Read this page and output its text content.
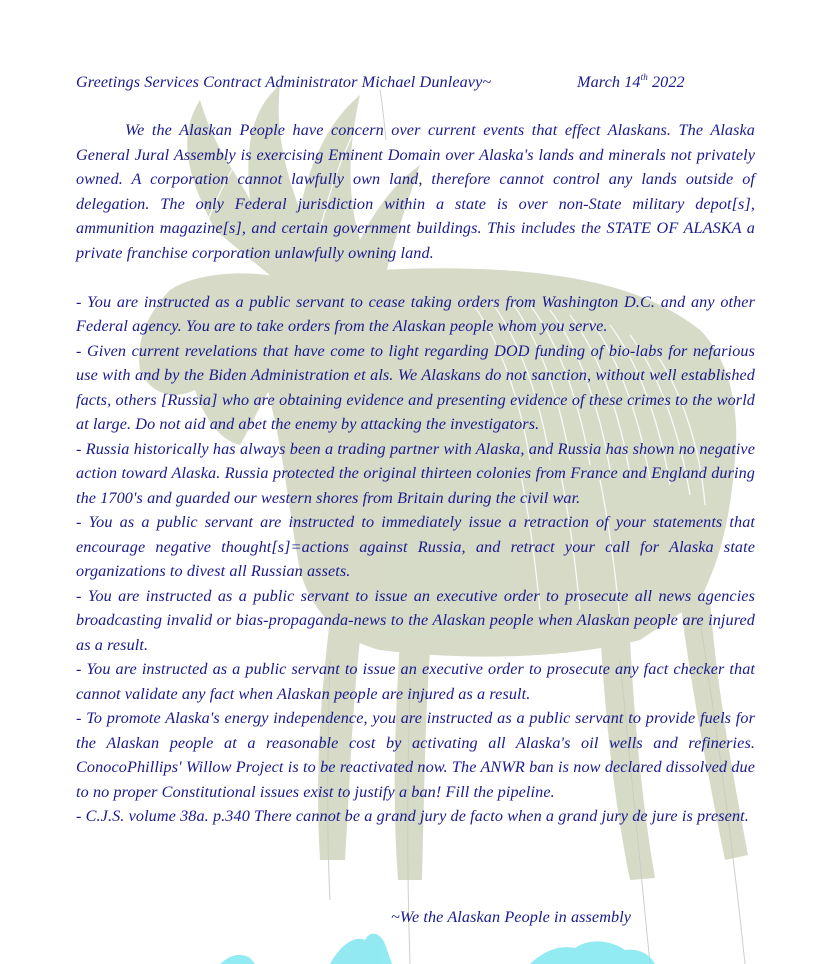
Greetings Services Contract Administrator Michael Dunleavy~	March 14th 2022

We the Alaskan People have concern over current events that effect Alaskans. The Alaska General Jural Assembly is exercising Eminent Domain over Alaska's lands and minerals not privately owned. A corporation cannot lawfully own land, therefore cannot control any lands outside of delegation. The only Federal jurisdiction within a state is over non-State military depot[s], ammunition magazine[s], and certain government buildings. This includes the STATE OF ALASKA a private franchise corporation unlawfully owning land.

- You are instructed as a public servant to cease taking orders from Washington D.C. and any other Federal agency. You are to take orders from the Alaskan people whom you serve.

- Given current revelations that have come to light regarding DOD funding of bio-labs for nefarious use with and by the Biden Administration et als. We Alaskans do not sanction, without well established facts, others [Russia] who are obtaining evidence and presenting evidence of these crimes to the world at large. Do not aid and abet the enemy by attacking the investigators.

- Russia historically has always been a trading partner with Alaska, and Russia has shown no negative action toward Alaska. Russia protected the original thirteen colonies from France and England during the 1700's and guarded our western shores from Britain during the civil war.

- You as a public servant are instructed to immediately issue a retraction of your statements that encourage negative thought[s]=actions against Russia, and retract your call for Alaska state organizations to divest all Russian assets.

- You are instructed as a public servant to issue an executive order to prosecute all news agencies broadcasting invalid or bias-propaganda-news to the Alaskan people when Alaskan people are injured as a result.

- You are instructed as a public servant to issue an executive order to prosecute any fact checker that cannot validate any fact when Alaskan people are injured as a result.

- To promote Alaska's energy independence, you are instructed as a public servant to provide fuels for the Alaskan people at a reasonable cost by activating all Alaska's oil wells and refineries. ConocoPhillips' Willow Project is to be reactivated now. The ANWR ban is now declared dissolved due to no proper Constitutional issues exist to justify a ban! Fill the pipeline.

- C.J.S. volume 38a. p.340 There cannot be a grand jury de facto when a grand jury de jure is present.

~We the Alaskan People in assembly
